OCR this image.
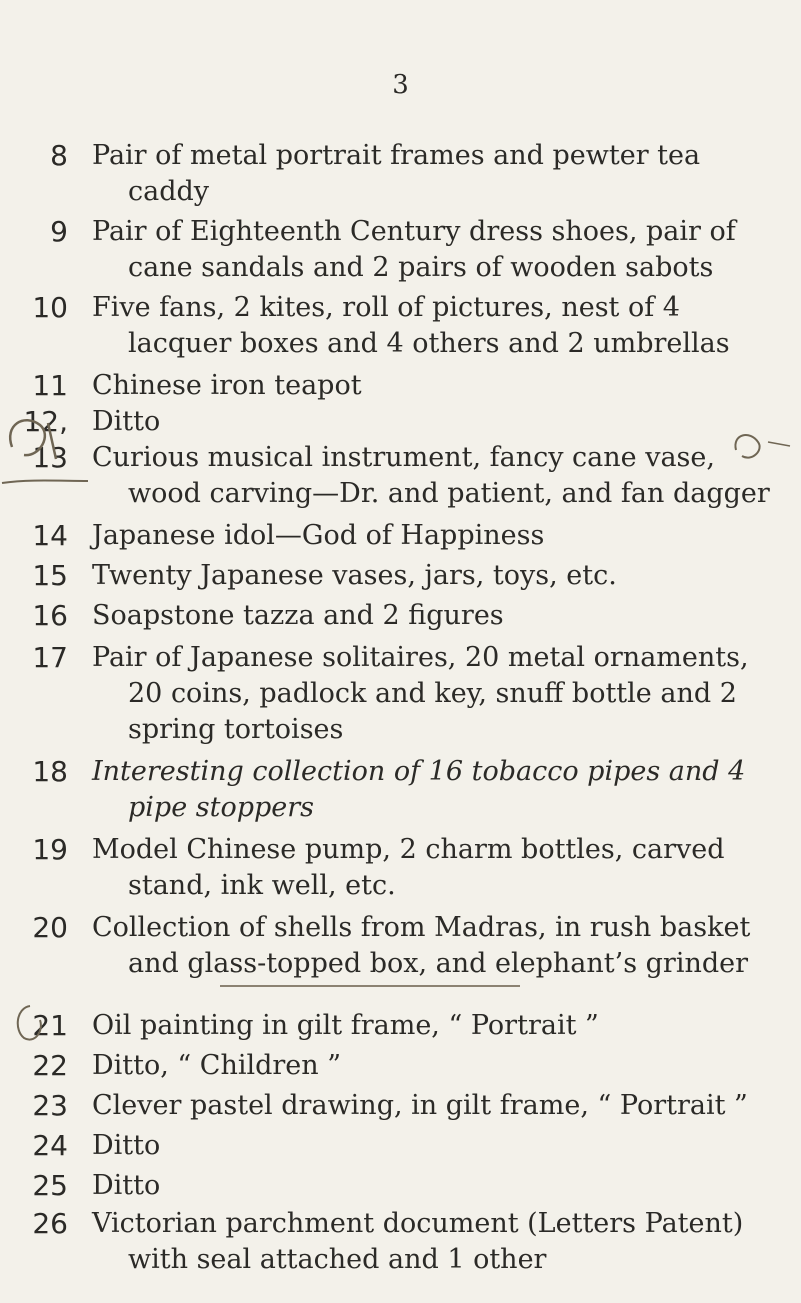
3
8 Pair of metal portrait frames and pewter tea
caddy
9 Pair of Eighteenth Century dress shoes, pair of
cane sandals and 2 pairs of wooden sabots
10 Five fans, 2 kites, roll of pictures, nest of 4
lacquer boxes and 4 others and 2 umbrellas
11 Chinese iron teapot
12, Ditto
13 Curious musical instrument, fancy cane vase,
wood carving—Dr. and patient, and fan dagger
14 Japanese idol—God of Happiness
15 Twenty Japanese vases, jars, toys, etc.
16 Soapstone tazza and 2 figures
17 Pair of Japanese solitaires, 20 metal ornaments,
20 coins, padlock and key, snuff bottle and 2
spring tortoises
18 Interesting collection of 16 tobacco pipes and 4
pipe stoppers
19 Model Chinese pump, 2 charm bottles, carved
stand, ink well, etc.
20 Collection of shells from Madras, in rush basket
and glass-topped box, and elephant’s grinder
21 Oil painting in gilt frame, “ Portrait ”
22 Ditto, “ Children ”
23 Clever pastel drawing, in gilt frame, “ Portrait ”
24 Ditto
25 Ditto
26 Victorian parchment document (Letters Patent)
with seal attached and 1 other
